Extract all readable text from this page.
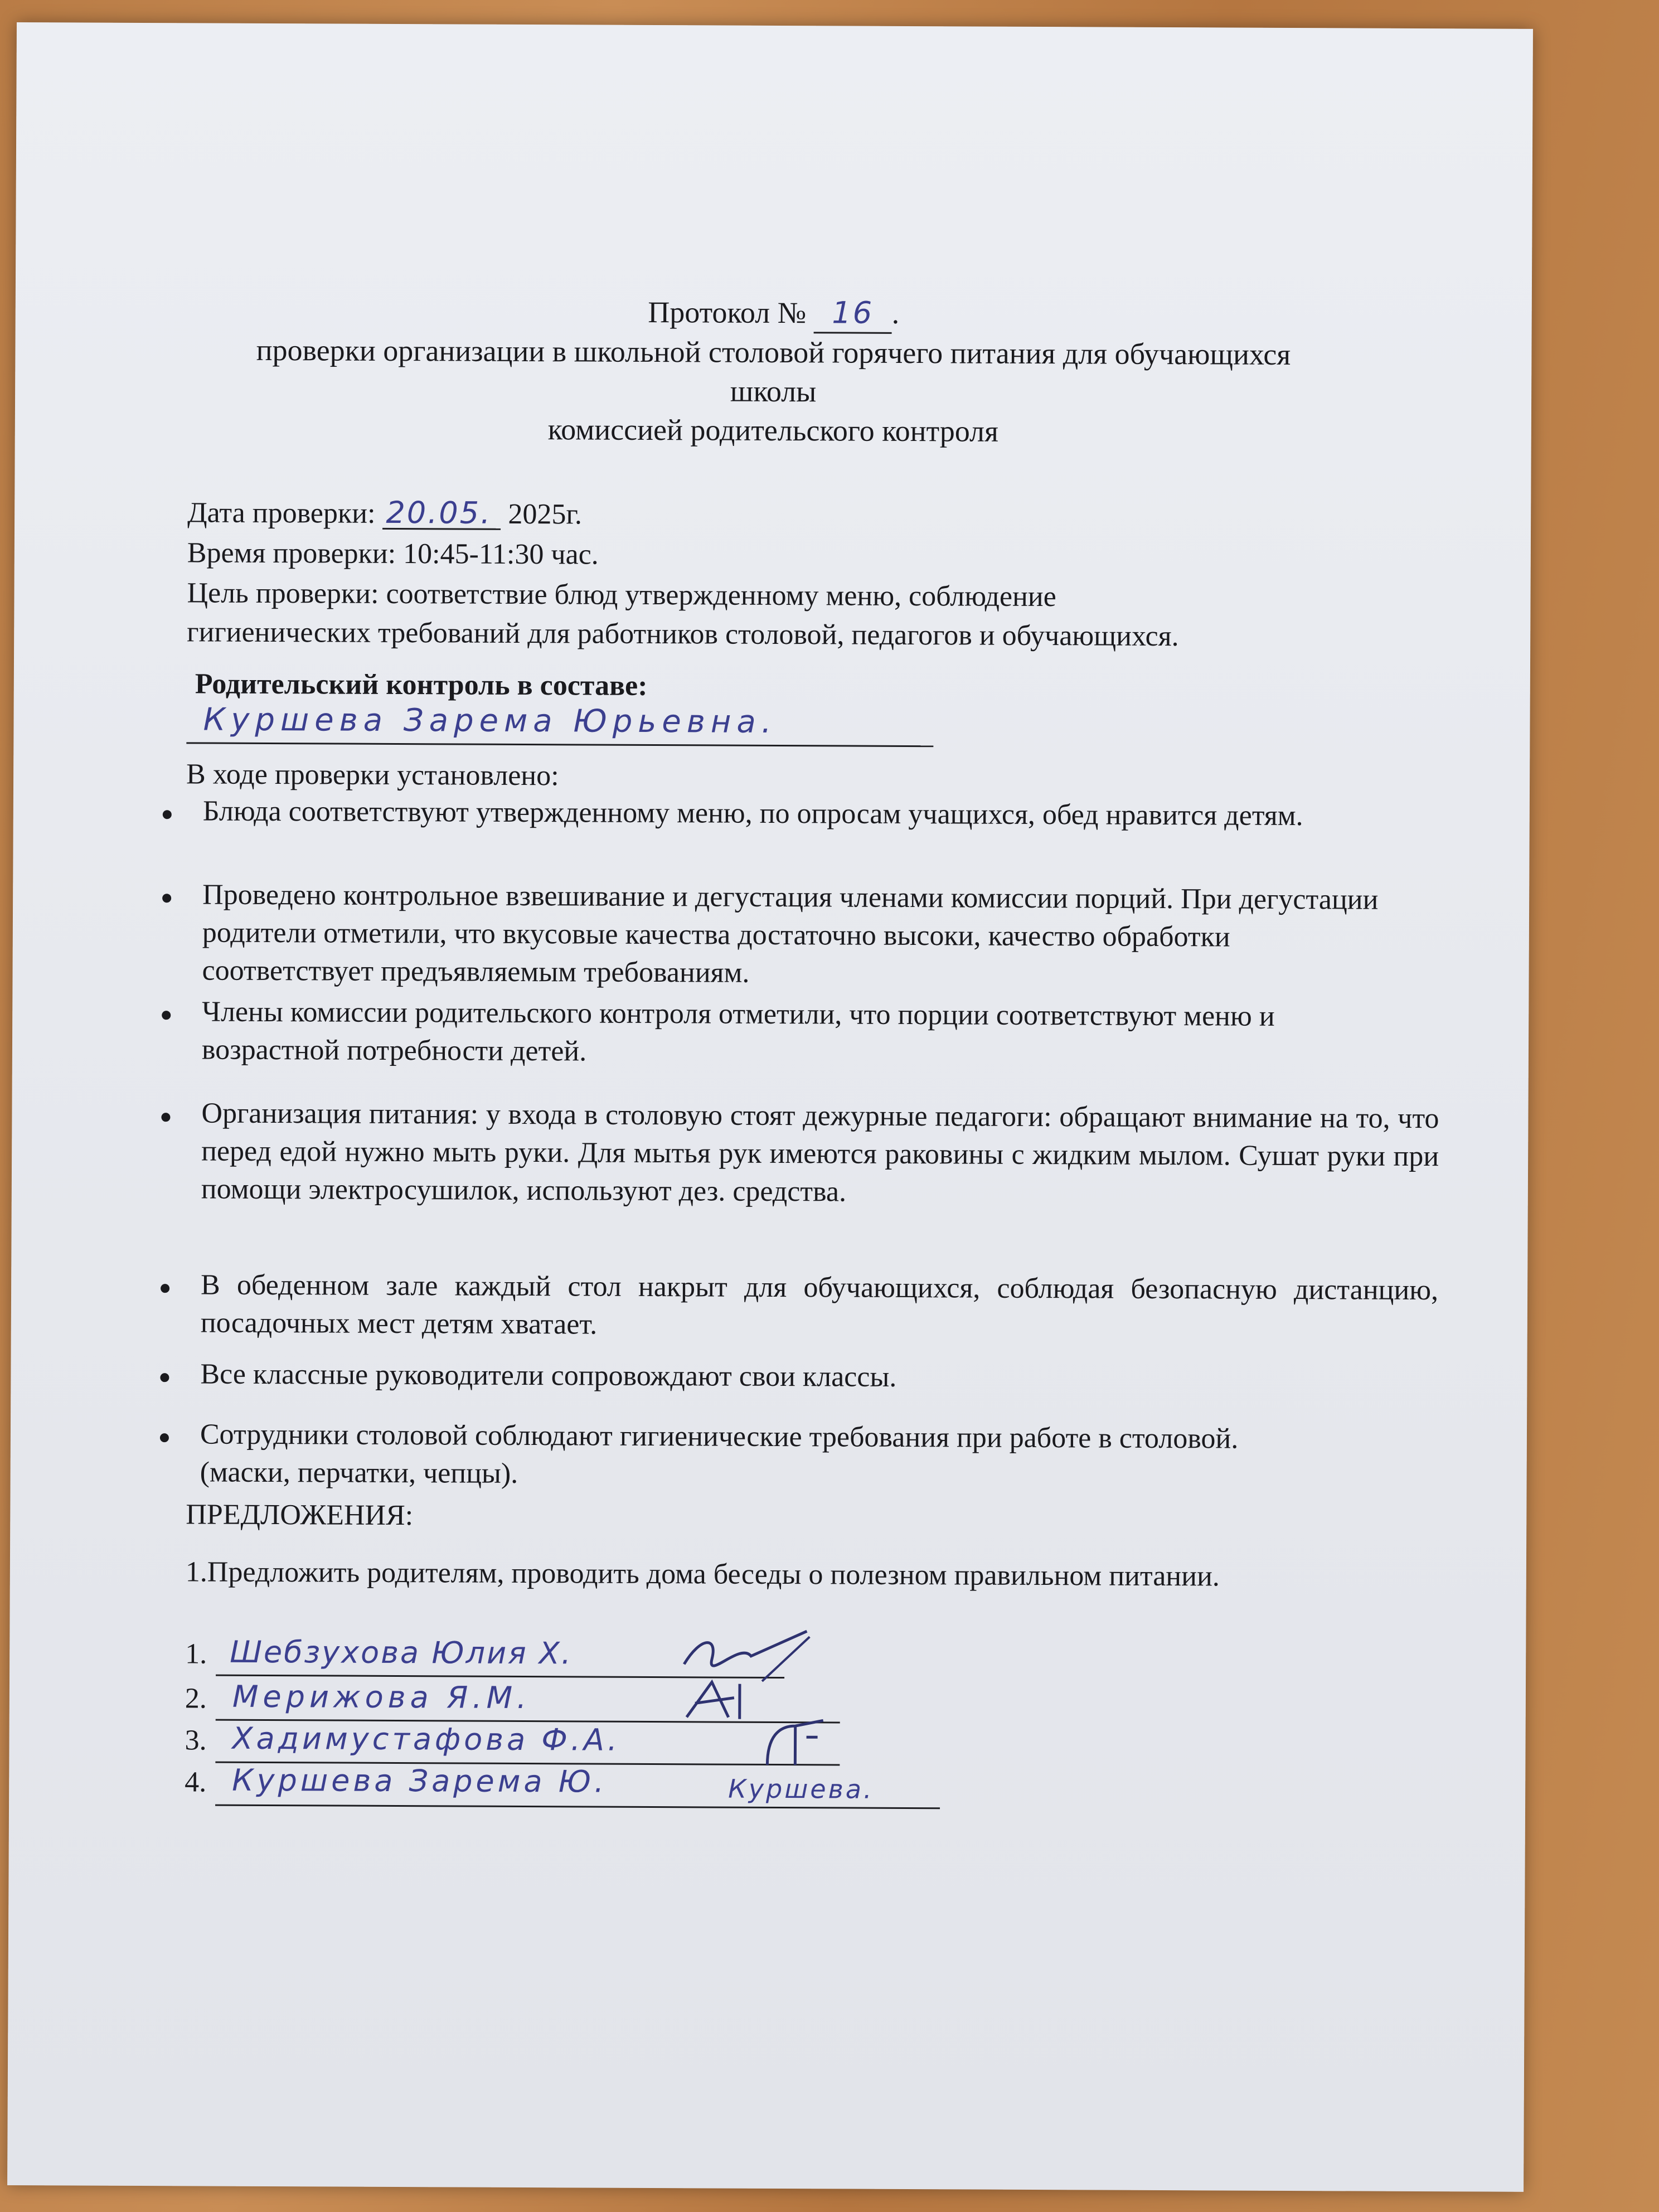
Протокол № 16 .
проверки организации в школьной столовой горячего питания для обучающихся
школы
комиссией родительского контроля
Дата проверки: 20.05. 2025г.
Время проверки: 10:45-11:30 час.
Цель проверки: соответствие блюд утвержденному меню, соблюдение
гигиенических требований для работников столовой, педагогов и обучающихся.
Родительский контроль в составе:
Куршева Зарема Юрьевна.
В ходе проверки установлено:
Блюда соответствуют утвержденному меню, по опросам учащихся, обед нравится детям.
Проведено контрольное взвешивание и дегустация членами комиссии порций. При дегустации родители отметили, что вкусовые качества достаточно высоки, качество обработки соответствует предъявляемым требованиям.
Члены комиссии родительского контроля отметили, что порции соответствуют меню и возрастной потребности детей.
Организация питания: у входа в столовую стоят дежурные педагоги: обращают внимание на то, что перед едой нужно мыть руки. Для мытья рук имеются раковины с жидким мылом. Сушат руки при помощи электросушилок, используют дез. средства.
В обеденном зале каждый стол накрыт для обучающихся, соблюдая безопасную дистанцию, посадочных мест детям хватает.
Все классные руководители сопровождают свои классы.
Сотрудники столовой соблюдают гигиенические требования при работе в столовой. (маски, перчатки, чепцы).
ПРЕДЛОЖЕНИЯ:
1.Предложить родителям, проводить дома беседы о полезном правильном питании.
1. Шебзухова Юлия Х.
2. Мерижова Я.М.
3. Хадимустафова Ф.А.
4. Куршева Зарема Ю.	Куршева.
